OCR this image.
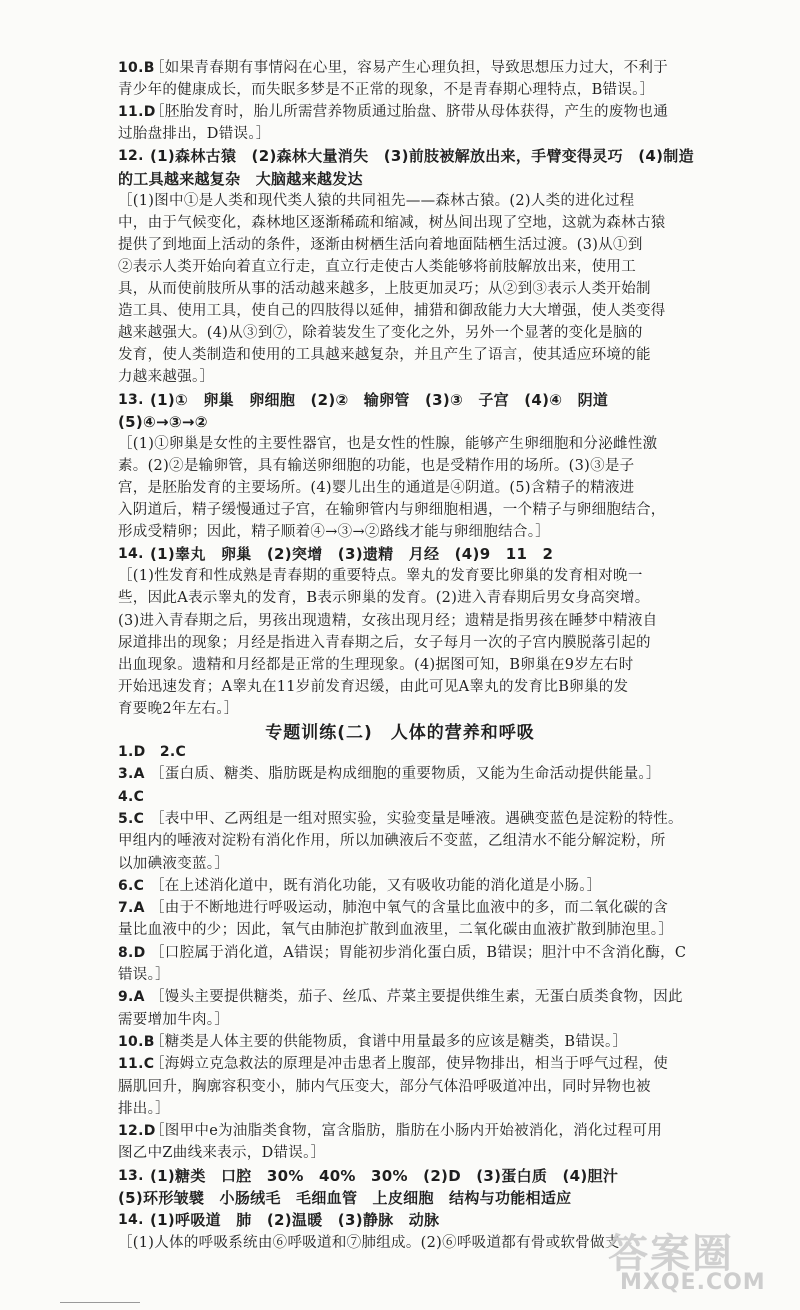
10.B
［如果青春期有事情闷在心里，容易产生心理负担，导致思想压力过大，不利于
青少年的健康成长，而失眠多梦是不正常的现象，不是青春期心理特点，B错误。］
11.D
［胚胎发育时，胎儿所需营养物质通过胎盘、脐带从母体获得，产生的废物也通
过胎盘排出，D错误。］
12. (1)森林古猿　(2)森林大量消失　(3)前肢被解放出来，手臂变得灵巧　(4)制造
的工具越来越复杂　大脑越来越发达
［(1)图中①是人类和现代类人猿的共同祖先——森林古猿。(2)人类的进化过程
中，由于气候变化，森林地区逐渐稀疏和缩减，树丛间出现了空地，这就为森林古猿
提供了到地面上活动的条件，逐渐由树栖生活向着地面陆栖生活过渡。(3)从①到
②表示人类开始向着直立行走，直立行走使古人类能够将前肢解放出来，使用工
具，从而使前肢所从事的活动越来越多，上肢更加灵巧；从②到③表示人类开始制
造工具、使用工具，使自己的四肢得以延伸，捕猎和御敌能力大大增强，使人类变得
越来越强大。(4)从③到⑦，除着装发生了变化之外，另外一个显著的变化是脑的
发育，使人类制造和使用的工具越来越复杂，并且产生了语言，使其适应环境的能
力越来越强。］
13. (1)①　卵巢　卵细胞　(2)②　输卵管　(3)③　子宫　(4)④　阴道
(5)④→③→②
［(1)①卵巢是女性的主要性器官，也是女性的性腺，能够产生卵细胞和分泌雌性激
素。(2)②是输卵管，具有输送卵细胞的功能，也是受精作用的场所。(3)③是子
宫，是胚胎发育的主要场所。(4)婴儿出生的通道是④阴道。(5)含精子的精液进
入阴道后，精子缓慢通过子宫，在输卵管内与卵细胞相遇，一个精子与卵细胞结合，
形成受精卵；因此，精子顺着④→③→②路线才能与卵细胞结合。］
14. (1)睾丸　卵巢　(2)突增　(3)遗精　月经　(4)9　11　2
［(1)性发育和性成熟是青春期的重要特点。睾丸的发育要比卵巢的发育相对晚一
些，因此A表示睾丸的发育，B表示卵巢的发育。(2)进入青春期后男女身高突增。
(3)进入青春期之后，男孩出现遗精，女孩出现月经；遗精是指男孩在睡梦中精液自
尿道排出的现象；月经是指进入青春期之后，女子每月一次的子宫内膜脱落引起的
出血现象。遗精和月经都是正常的生理现象。(4)据图可知，B卵巢在9岁左右时
开始迅速发育；A睾丸在11岁前发育迟缓，由此可见A睾丸的发育比B卵巢的发
育要晚2年左右。］
专题训练(二)　人体的营养和呼吸
1.D　2.C
3.A ［蛋白质、糖类、脂肪既是构成细胞的重要物质，又能为生命活动提供能量。］
4.C
5.C ［表中甲、乙两组是一组对照实验，实验变量是唾液。遇碘变蓝色是淀粉的特性。
甲组内的唾液对淀粉有消化作用，所以加碘液后不变蓝，乙组清水不能分解淀粉，所
以加碘液变蓝。］
6.C ［在上述消化道中，既有消化功能，又有吸收功能的消化道是小肠。］
7.A ［由于不断地进行呼吸运动，肺泡中氧气的含量比血液中的多，而二氧化碳的含
量比血液中的少；因此，氧气由肺泡扩散到血液里，二氧化碳由血液扩散到肺泡里。］
8.D ［口腔属于消化道，A错误；胃能初步消化蛋白质，B错误；胆汁中不含消化酶，C
错误。］
9.A ［馒头主要提供糖类，茄子、丝瓜、芹菜主要提供维生素，无蛋白质类食物，因此
需要增加牛肉。］
10.B
［糖类是人体主要的供能物质，食谱中用量最多的应该是糖类，B错误。］
11.C
［海姆立克急救法的原理是冲击患者上腹部，使异物排出，相当于呼气过程，使
膈肌回升，胸廓容积变小，肺内气压变大，部分气体沿呼吸道冲出，同时异物也被
排出。］
12.D
［图甲中e为油脂类食物，富含脂肪，脂肪在小肠内开始被消化，消化过程可用
图乙中Z曲线来表示，D错误。］
13. (1)糖类　口腔　30%　40%　30%　(2)D　(3)蛋白质　(4)胆汁
(5)环形皱襞　小肠绒毛　毛细血管　上皮细胞　结构与功能相适应
14. (1)呼吸道　肺　(2)温暖　(3)静脉　动脉
［(1)人体的呼吸系统由⑥呼吸道和⑦肺组成。(2)⑥呼吸道都有骨或软骨做支
答案圈
MXQE.COM
